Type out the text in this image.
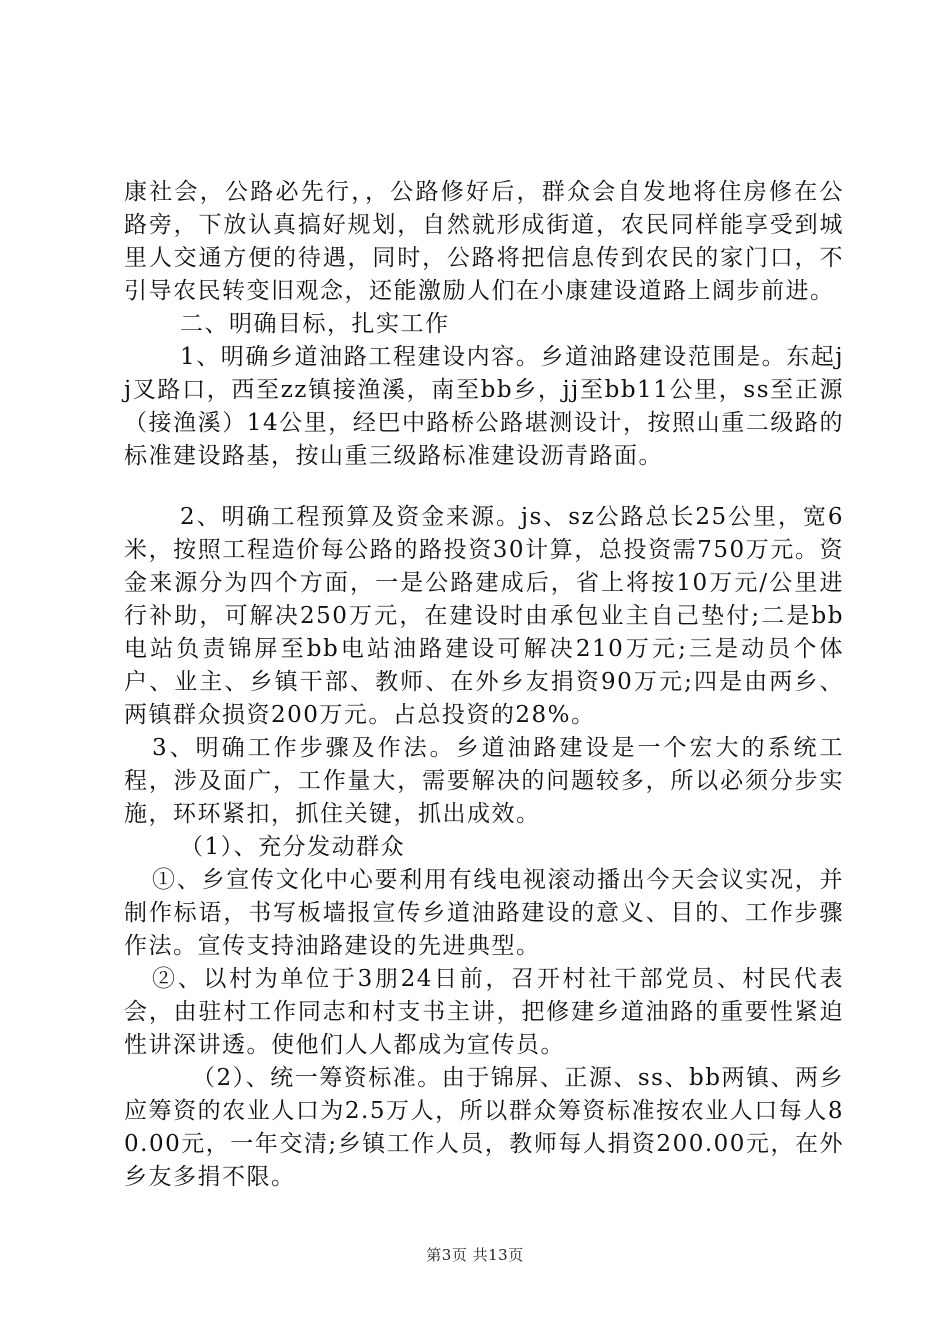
康社会，公路必先行，，公路修好后，群众会自发地将住房修在公路旁，下放认真搞好规划，自然就形成街道，农民同样能享受到城里人交通方便的待遇，同时，公路将把信息传到农民的家门口，不引导农民转变旧观念，还能激励人们在小康建设道路上阔步前进。

二、明确目标，扎实工作

1、明确乡道油路工程建设内容。乡道油路建设范围是。东起jj叉路口，西至zz镇接渔溪，南至bb乡，jj至bb11公里，ss至正源（接渔溪）14公里，经巴中路桥公路堪测设计，按照山重二级路的标准建设路基，按山重三级路标准建设沥青路面。

2、明确工程预算及资金来源。js、sz公路总长25公里，宽6米，按照工程造价每公路的路投资30计算，总投资需750万元。资金来源分为四个方面，一是公路建成后，省上将按10万元/公里进行补助，可解决250万元，在建设时由承包业主自己垫付;二是bb电站负责锦屏至bb电站油路建设可解决210万元;三是动员个体户、业主、乡镇干部、教师、在外乡友捐资90万元;四是由两乡、两镇群众损资200万元。占总投资的28%。

3、明确工作步骤及作法。乡道油路建设是一个宏大的系统工程，涉及面广，工作量大，需要解决的问题较多，所以必须分步实施，环环紧扣，抓住关键，抓出成效。

（1）、充分发动群众

①、乡宣传文化中心要利用有线电视滚动播出今天会议实况，并制作标语，书写板墙报宣传乡道油路建设的意义、目的、工作步骤作法。宣传支持油路建设的先进典型。

②、以村为单位于3朋24日前，召开村社干部党员、村民代表会，由驻村工作同志和村支书主讲，把修建乡道油路的重要性紧迫性讲深讲透。使他们人人都成为宣传员。

（2）、统一筹资标准。由于锦屏、正源、ss、bb两镇、两乡应筹资的农业人口为2.5万人，所以群众筹资标准按农业人口每人80.00元，一年交清;乡镇工作人员，教师每人捐资200.00元，在外乡友多捐不限。

第3页 共13页
